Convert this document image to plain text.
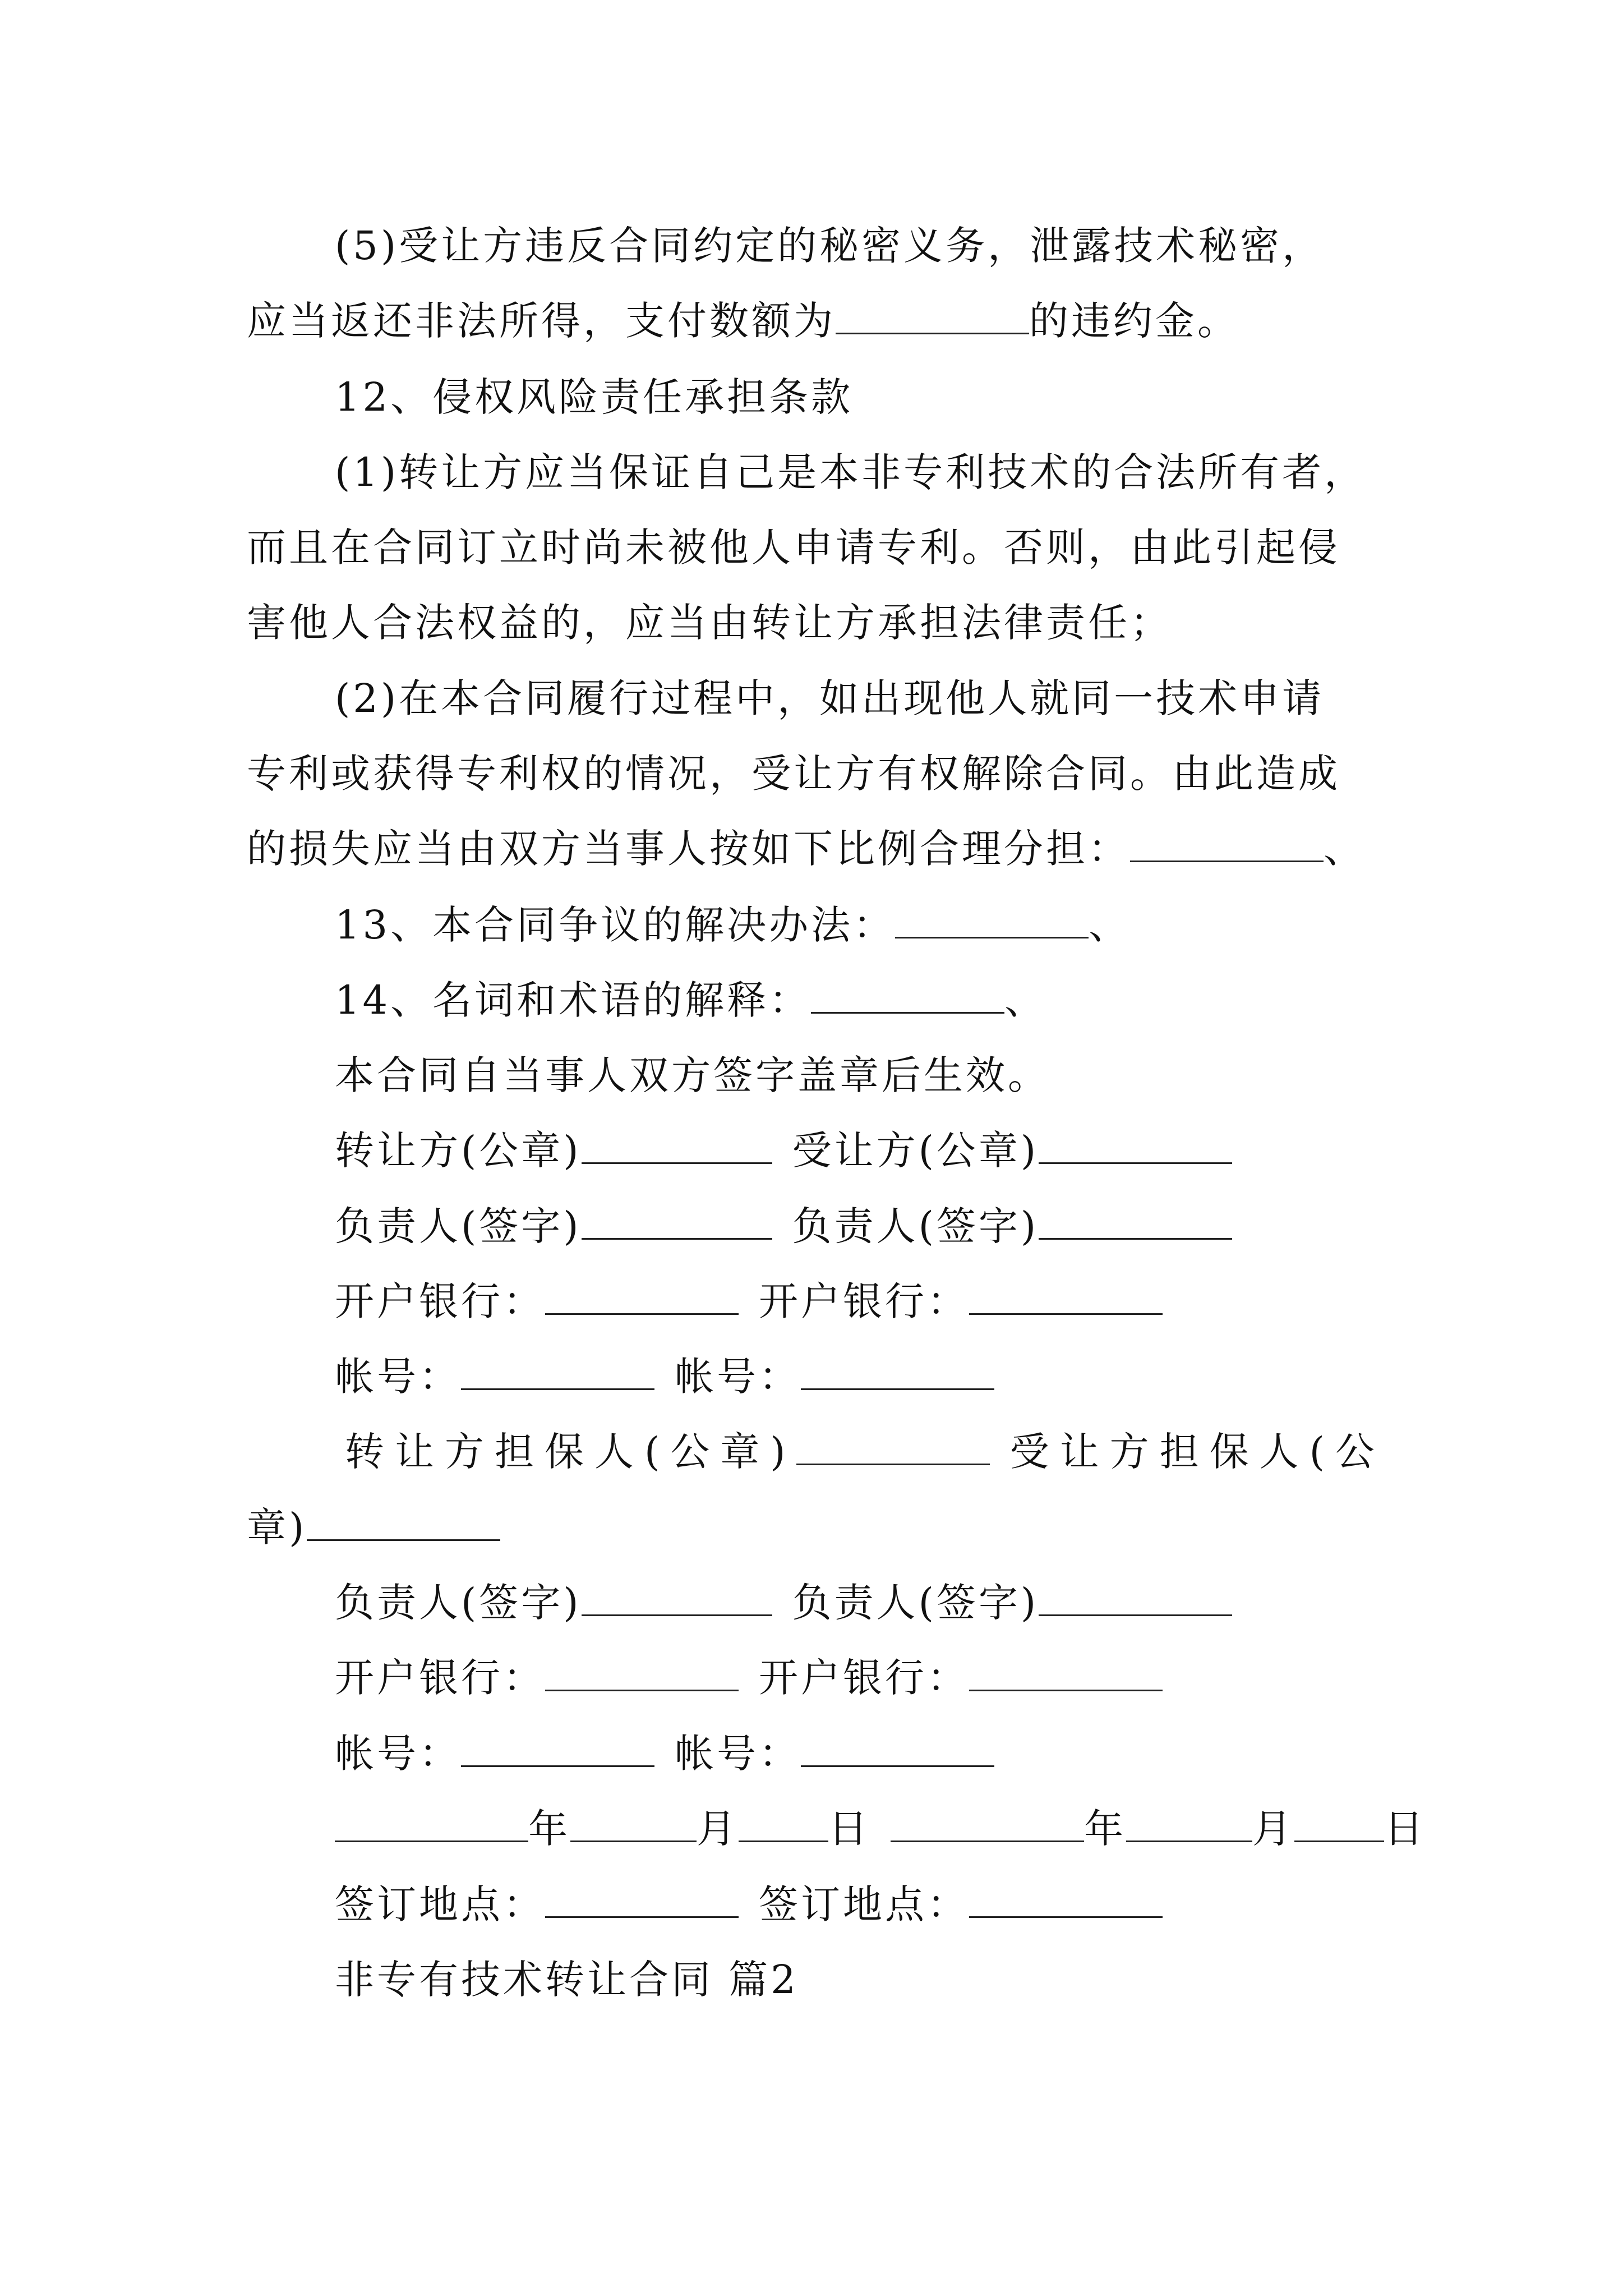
(5)受让方违反合同约定的秘密义务，泄露技术秘密，
应当返还非法所得，支付数额为	的违约金。
12、侵权风险责任承担条款
(1)转让方应当保证自己是本非专利技术的合法所有者，
而且在合同订立时尚未被他人申请专利。否则，由此引起侵
害他人合法权益的，应当由转让方承担法律责任；
(2)在本合同履行过程中，如出现他人就同一技术申请
专利或获得专利权的情况，受让方有权解除合同。由此造成
的损失应当由双方当事人按如下比例合理分担：	、
13、本合同争议的解决办法：	、
14、名词和术语的解释：	、
本合同自当事人双方签字盖章后生效。
转让方(公章)	受让方(公章)
负责人(签字)	负责人(签字)
开户银行：	开户银行：
帐号：	帐号：
转让方担保人(公章)	受让方担保人(公
章)
负责人(签字)	负责人(签字)
开户银行：	开户银行：
帐号：	帐号：
年	月 日	年	月 日
签订地点：	签订地点：
非专有技术转让合同 篇2
